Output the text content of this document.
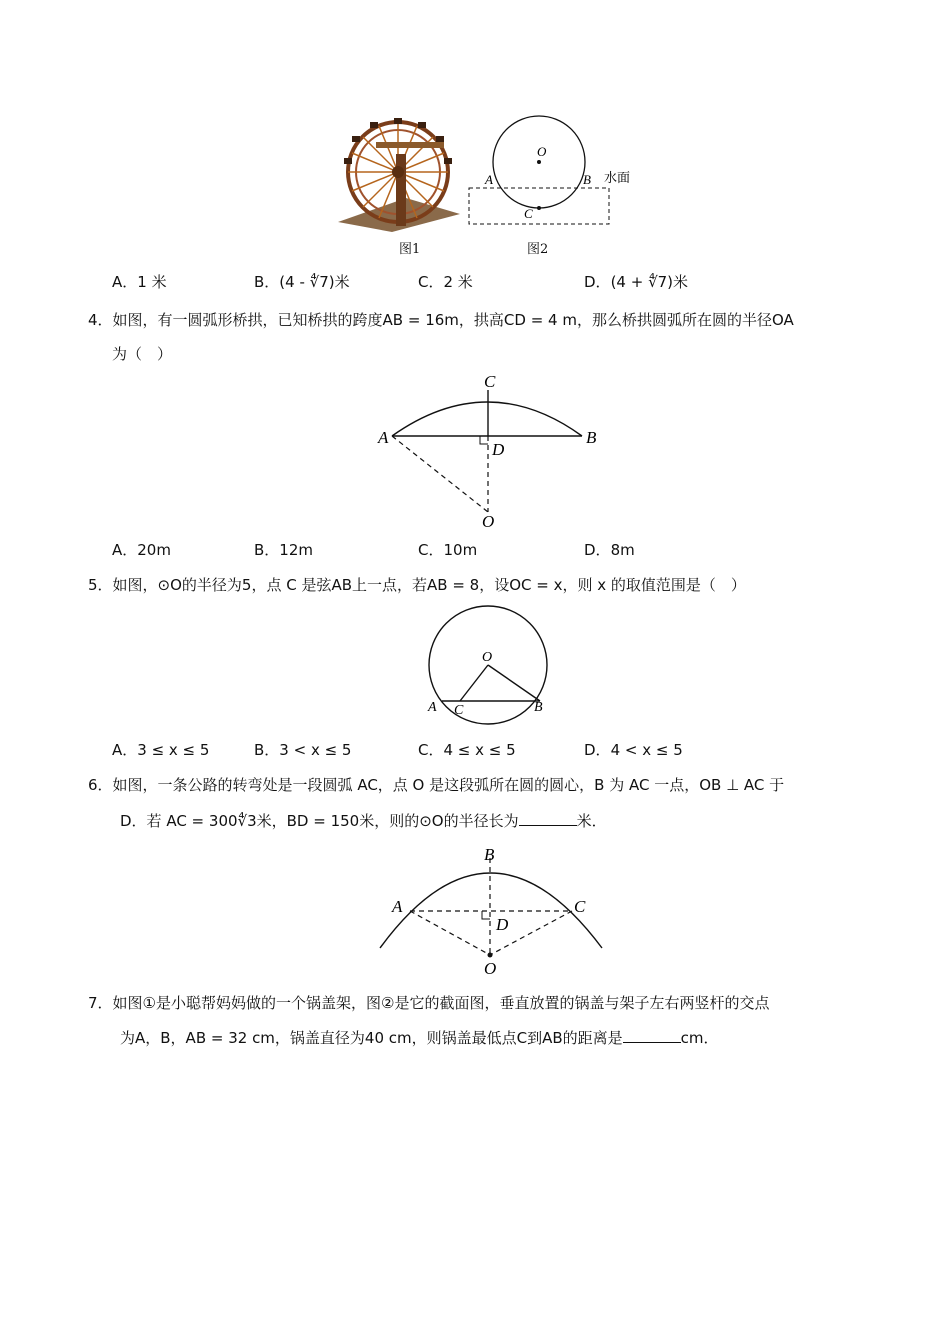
图1
O
A	B
C
水面
图2
A．1 米	B．(4 - ∜7)米	C．2 米	D．(4 + ∜7)米
4．如图，有一圆弧形桥拱，已知桥拱的跨度AB = 16m，拱高CD = 4 m，那么桥拱圆弧所在圆的半径OA
为（　）
C
A	B
D
O
A．20m	B．12m	C．10m	D．8m
5．如图，⊙O的半径为5，点 C 是弦AB上一点，若AB = 8，设OC = x，则 x 的取值范围是（　）
O
A C	B
A．3 ≤ x ≤ 5	B．3 < x ≤ 5	C．4 ≤ x ≤ 5	D．4 < x ≤ 5
6．如图，一条公路的转弯处是一段圆弧 AC，点 O 是这段弧所在圆的圆心，B 为 AC 一点，OB ⊥ AC 于
D．若 AC = 300∜3米，BD = 150米，则的⊙O的半径长为	米．
B
A	C
D
O
7．如图①是小聪帮妈妈做的一个锅盖架，图②是它的截面图，垂直放置的锅盖与架子左右两竖杆的交点
为A，B，AB = 32 cm，锅盖直径为40 cm，则锅盖最低点C到AB的距离是	cm．
